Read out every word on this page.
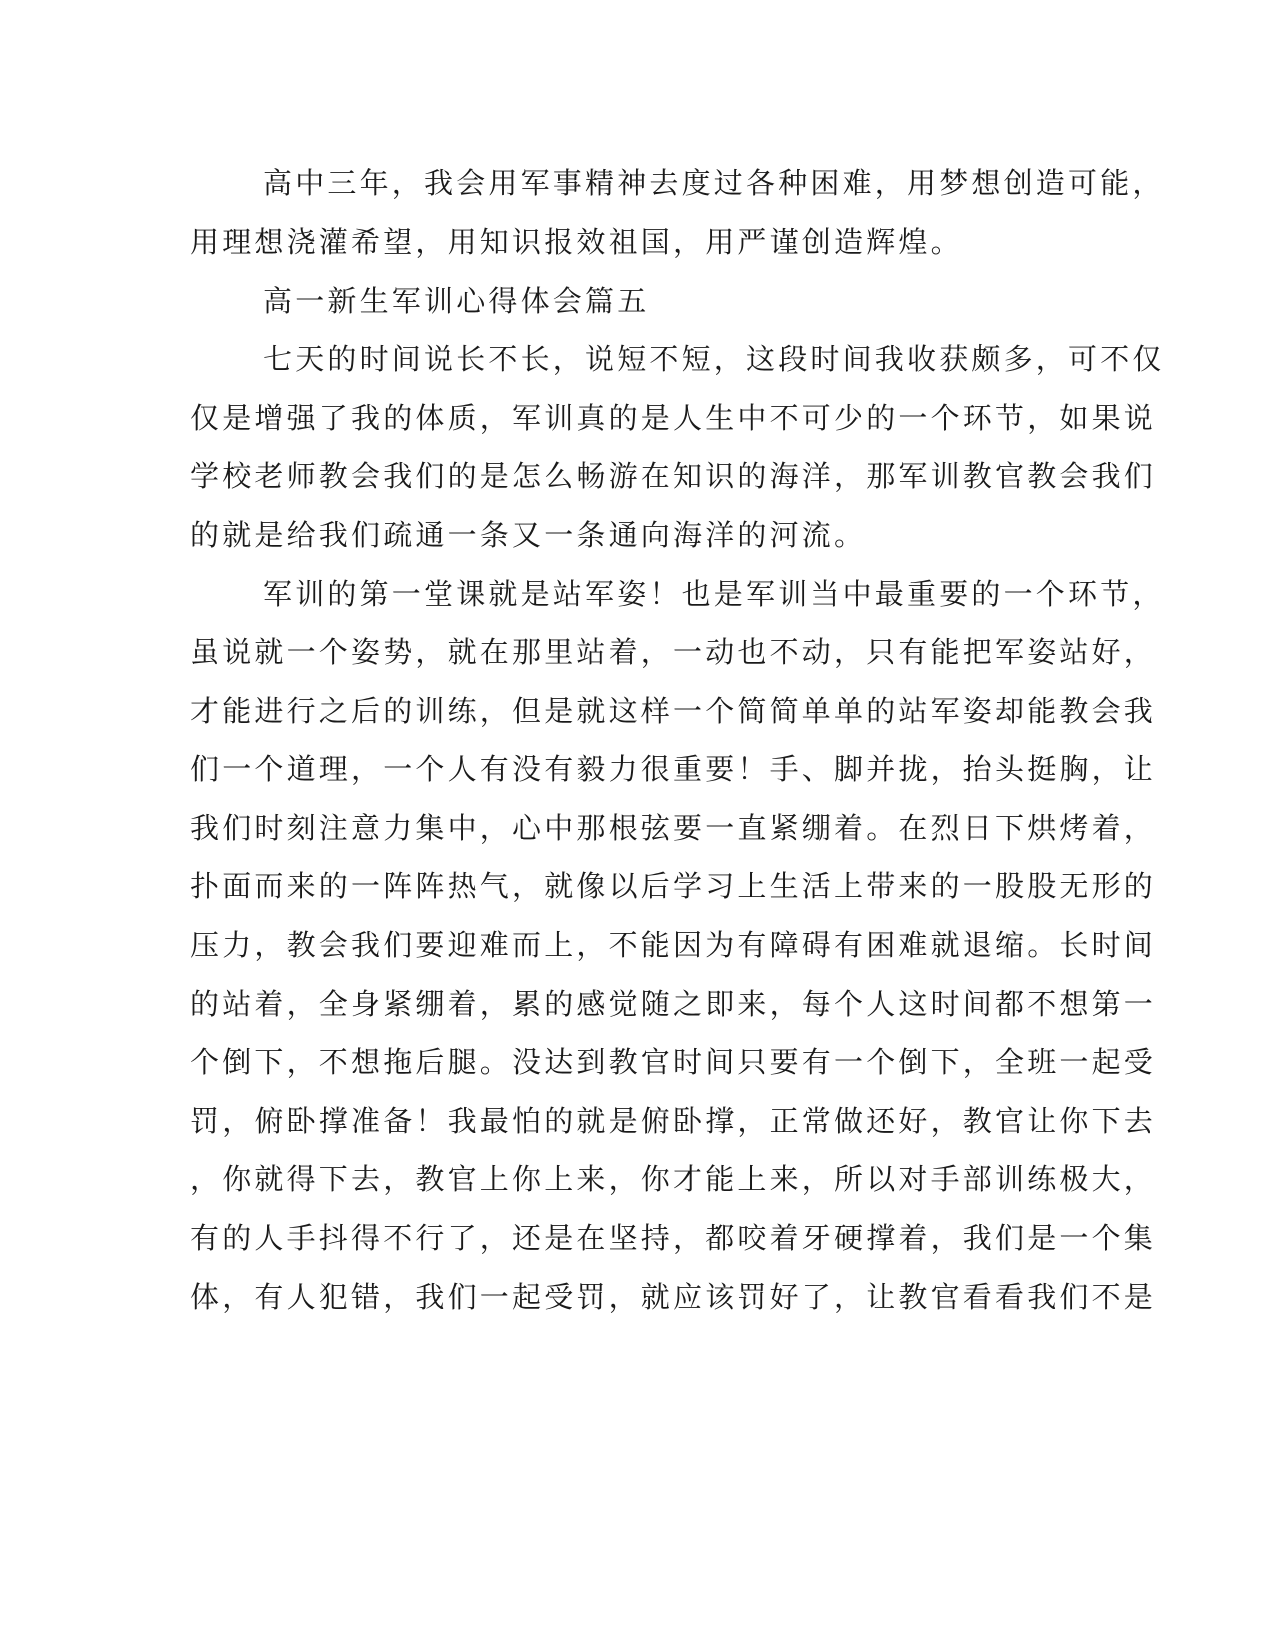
高中三年，我会用军事精神去度过各种困难，用梦想创造可能，
用理想浇灌希望，用知识报效祖国，用严谨创造辉煌。
高一新生军训心得体会篇五
七天的时间说长不长，说短不短，这段时间我收获颇多，可不仅
仅是增强了我的体质，军训真的是人生中不可少的一个环节，如果说
学校老师教会我们的是怎么畅游在知识的海洋，那军训教官教会我们
的就是给我们疏通一条又一条通向海洋的河流。
军训的第一堂课就是站军姿！也是军训当中最重要的一个环节，
虽说就一个姿势，就在那里站着，一动也不动，只有能把军姿站好，
才能进行之后的训练，但是就这样一个简简单单的站军姿却能教会我
们一个道理，一个人有没有毅力很重要！手、脚并拢，抬头挺胸，让
我们时刻注意力集中，心中那根弦要一直紧绷着。在烈日下烘烤着，
扑面而来的一阵阵热气，就像以后学习上生活上带来的一股股无形的
压力，教会我们要迎难而上，不能因为有障碍有困难就退缩。长时间
的站着，全身紧绷着，累的感觉随之即来，每个人这时间都不想第一
个倒下，不想拖后腿。没达到教官时间只要有一个倒下，全班一起受
罚，俯卧撑准备！我最怕的就是俯卧撑，正常做还好，教官让你下去
，你就得下去，教官上你上来，你才能上来，所以对手部训练极大，
有的人手抖得不行了，还是在坚持，都咬着牙硬撑着，我们是一个集
体，有人犯错，我们一起受罚，就应该罚好了，让教官看看我们不是
